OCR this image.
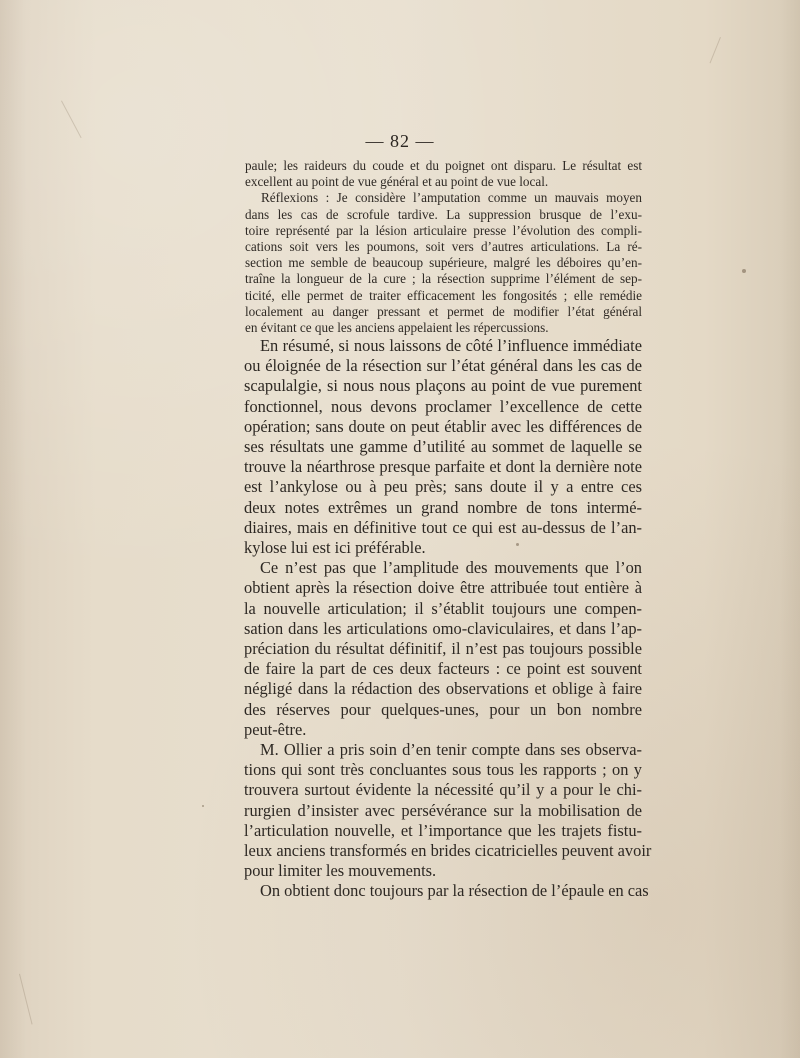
— 82 —
paule; les raideurs du coude et du poignet ont disparu. Le résultat est
excellent au point de vue général et au point de vue local.
Réflexions : Je considère l’amputation comme un mauvais moyen
dans les cas de scrofule tardive. La suppression brusque de l’exu-
toire représenté par la lésion articulaire presse l’évolution des compli-
cations soit vers les poumons, soit vers d’autres articulations. La ré-
section me semble de beaucoup supérieure, malgré les déboires qu’en-
traîne la longueur de la cure ; la résection supprime l’élément de sep-
ticité, elle permet de traiter efficacement les fongosités ; elle remédie
localement au danger pressant et permet de modifier l’état général
en évitant ce que les anciens appelaient les répercussions.
En résumé, si nous laissons de côté l’influence immédiate
ou éloignée de la résection sur l’état général dans les cas de
scapulalgie, si nous nous plaçons au point de vue purement
fonctionnel, nous devons proclamer l’excellence de cette
opération; sans doute on peut établir avec les différences de
ses résultats une gamme d’utilité au sommet de laquelle se
trouve la néarthrose presque parfaite et dont la dernière note
est l’ankylose ou à peu près; sans doute il y a entre ces
deux notes extrêmes un grand nombre de tons intermé-
diaires, mais en définitive tout ce qui est au-dessus de l’an-
kylose lui est ici préférable.
Ce n’est pas que l’amplitude des mouvements que l’on
obtient après la résection doive être attribuée tout entière à
la nouvelle articulation; il s’établit toujours une compen-
sation dans les articulations omo-claviculaires, et dans l’ap-
préciation du résultat définitif, il n’est pas toujours possible
de faire la part de ces deux facteurs : ce point est souvent
négligé dans la rédaction des observations et oblige à faire
des réserves pour quelques-unes, pour un bon nombre
peut-être.
M. Ollier a pris soin d’en tenir compte dans ses observa-
tions qui sont très concluantes sous tous les rapports ; on y
trouvera surtout évidente la nécessité qu’il y a pour le chi-
rurgien d’insister avec persévérance sur la mobilisation de
l’articulation nouvelle, et l’importance que les trajets fistu-
leux anciens transformés en brides cicatricielles peuvent avoir
pour limiter les mouvements.
On obtient donc toujours par la résection de l’épaule en cas
